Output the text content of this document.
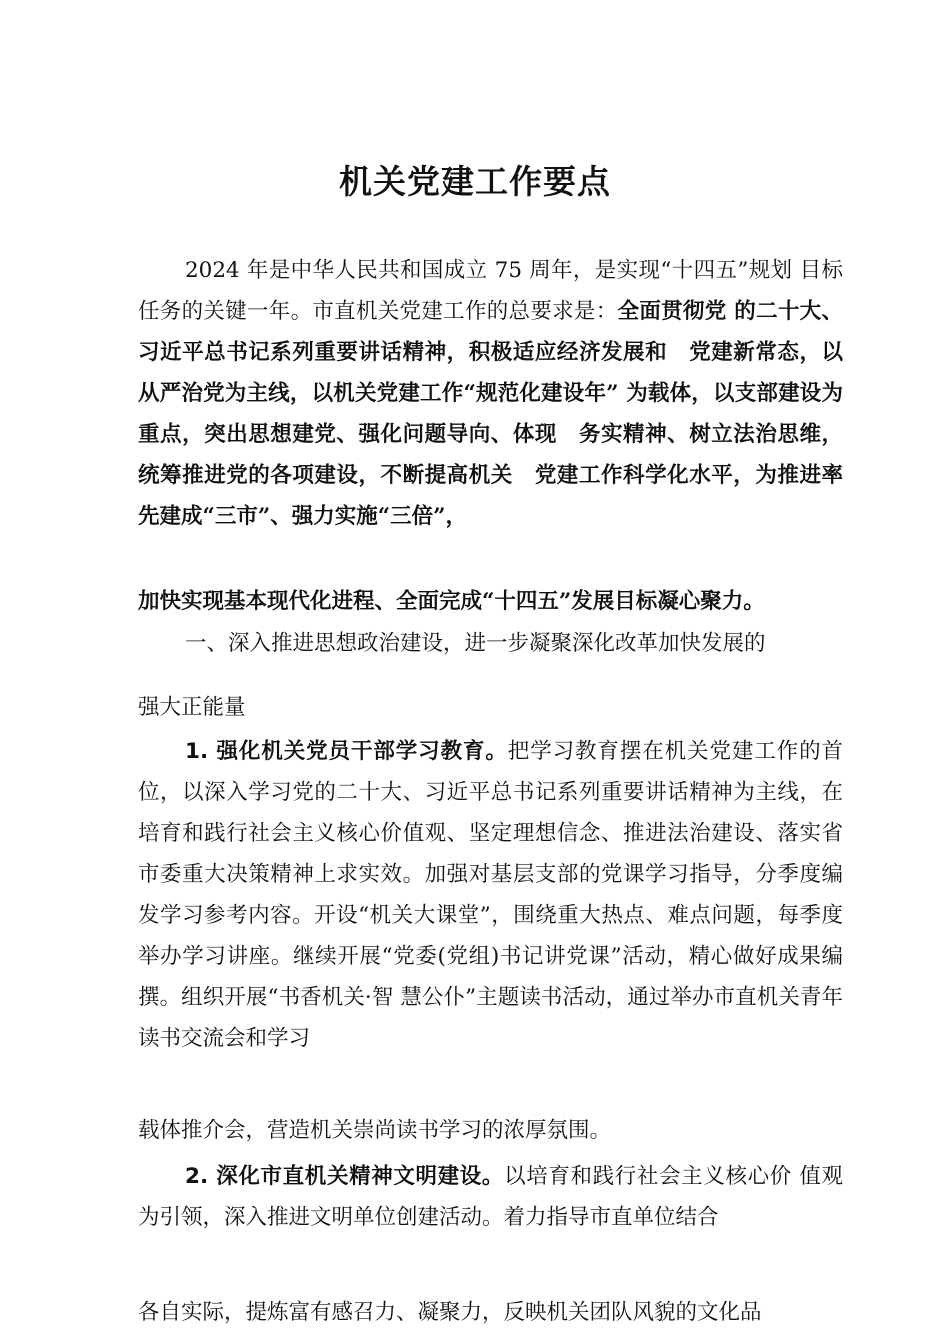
机关党建工作要点

2024 年是中华人民共和国成立 75 周年，是实现“十四五”规划 目标任务的关键一年。市直机关党建工作的总要求是：全面贯彻党 的二十大、习近平总书记系列重要讲话精神，积极适应经济发展和　党建新常态，以从严治党为主线，以机关党建工作“规范化建设年” 为载体，以支部建设为重点，突出思想建党、强化问题导向、体现　务实精神、树立法治思维，统筹推进党的各项建设，不断提高机关　党建工作科学化水平，为推进率先建成“三市”、强力实施“三倍”，

加快实现基本现代化进程、全面完成“十四五”发展目标凝心聚力。

一、深入推进思想政治建设，进一步凝聚深化改革加快发展的

强大正能量

1. 强化机关党员干部学习教育。把学习教育摆在机关党建工作的首位，以深入学习党的二十大、习近平总书记系列重要讲话精神为主线，在培育和践行社会主义核心价值观、坚定理想信念、推进法治建设、落实省市委重大决策精神上求实效。加强对基层支部的党课学习指导，分季度编发学习参考内容。开设“机关大课堂”，围绕重大热点、难点问题，每季度举办学习讲座。继续开展“党委(党组)书记讲党课”活动，精心做好成果编撰。组织开展“书香机关·智 慧公仆”主题读书活动，通过举办市直机关青年读书交流会和学习

载体推介会，营造机关崇尚读书学习的浓厚氛围。

2. 深化市直机关精神文明建设。以培育和践行社会主义核心价 值观为引领，深入推进文明单位创建活动。着力指导市直单位结合

各自实际，提炼富有感召力、凝聚力，反映机关团队风貌的文化品
